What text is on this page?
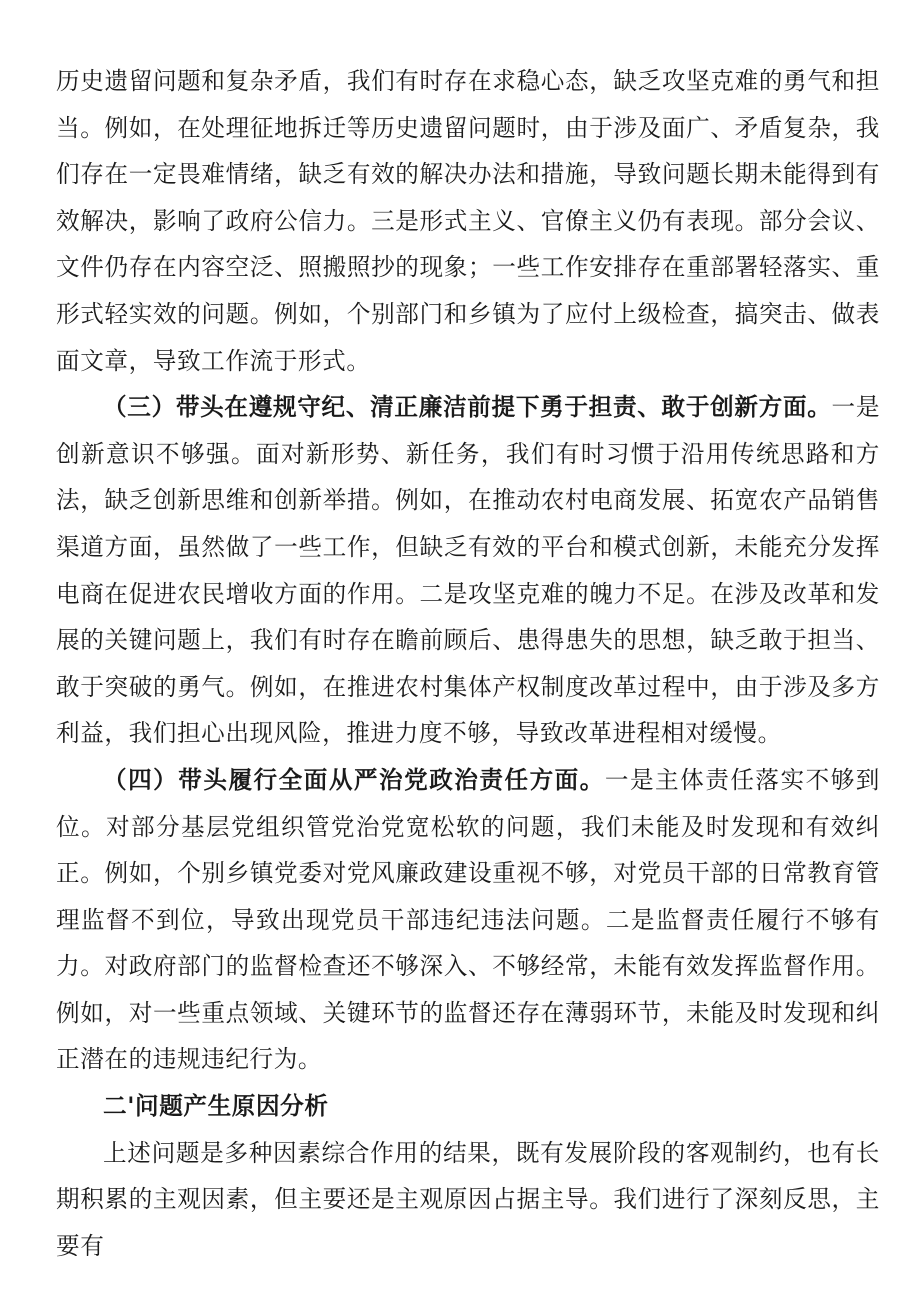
历史遗留问题和复杂矛盾，我们有时存在求稳心态，缺乏攻坚克难的勇气和担当。例如，在处理征地拆迁等历史遗留问题时，由于涉及面广、矛盾复杂，我们存在一定畏难情绪，缺乏有效的解决办法和措施，导致问题长期未能得到有效解决，影响了政府公信力。三是形式主义、官僚主义仍有表现。部分会议、文件仍存在内容空泛、照搬照抄的现象；一些工作安排存在重部署轻落实、重形式轻实效的问题。例如，个别部门和乡镇为了应付上级检查，搞突击、做表面文章，导致工作流于形式。

（三）带头在遵规守纪、清正廉洁前提下勇于担责、敢于创新方面。一是创新意识不够强。面对新形势、新任务，我们有时习惯于沿用传统思路和方法，缺乏创新思维和创新举措。例如，在推动农村电商发展、拓宽农产品销售渠道方面，虽然做了一些工作，但缺乏有效的平台和模式创新，未能充分发挥电商在促进农民增收方面的作用。二是攻坚克难的魄力不足。在涉及改革和发展的关键问题上，我们有时存在瞻前顾后、患得患失的思想，缺乏敢于担当、敢于突破的勇气。例如，在推进农村集体产权制度改革过程中，由于涉及多方利益，我们担心出现风险，推进力度不够，导致改革进程相对缓慢。

（四）带头履行全面从严治党政治责任方面。一是主体责任落实不够到位。对部分基层党组织管党治党宽松软的问题，我们未能及时发现和有效纠正。例如，个别乡镇党委对党风廉政建设重视不够，对党员干部的日常教育管理监督不到位，导致出现党员干部违纪违法问题。二是监督责任履行不够有力。对政府部门的监督检查还不够深入、不够经常，未能有效发挥监督作用。例如，对一些重点领域、关键环节的监督还存在薄弱环节，未能及时发现和纠正潜在的违规违纪行为。

二'问题产生原因分析

上述问题是多种因素综合作用的结果，既有发展阶段的客观制约，也有长期积累的主观因素，但主要还是主观原因占据主导。我们进行了深刻反思，主要有
